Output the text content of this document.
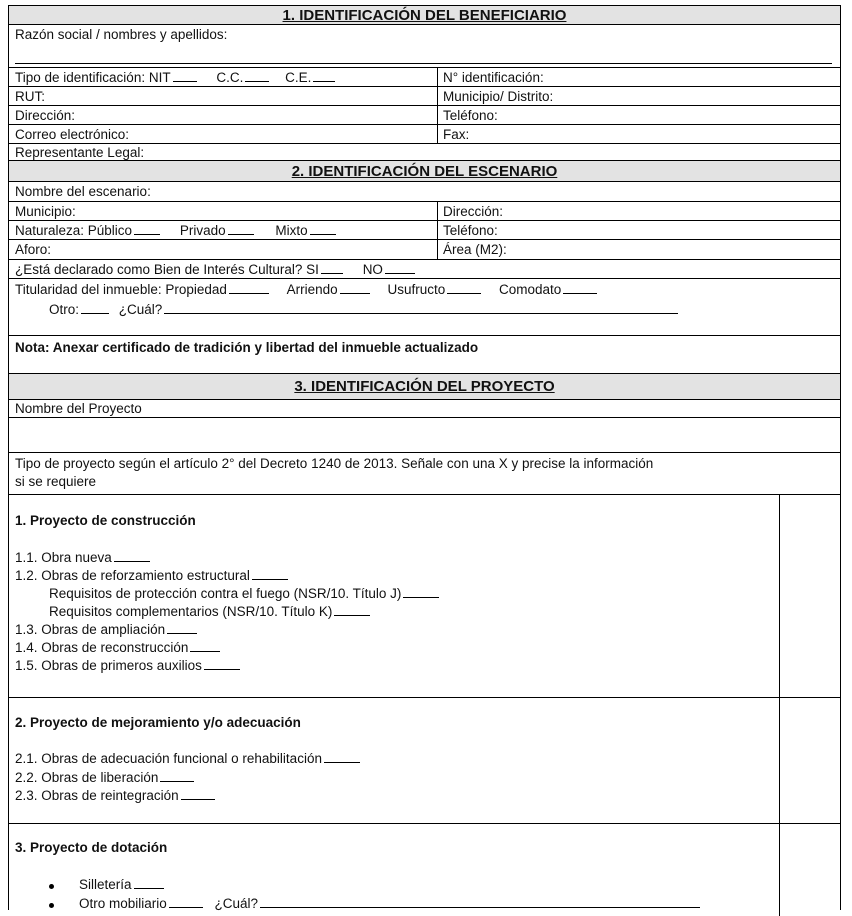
1. IDENTIFICACIÓN DEL BENEFICIARIO
Razón social / nombres y apellidos:
Tipo de identificación: NIT	C.C.	C.E.	N° identificación:
RUT:	Municipio/ Distrito:
Dirección:	Teléfono:
Correo electrónico:	Fax:
Representante Legal:
2. IDENTIFICACIÓN DEL ESCENARIO
Nombre del escenario:
Municipio:	Dirección:
Naturaleza: Público	Privado	Mixto	Teléfono:
Aforo:	Área (M2):
¿Está declarado como Bien de Interés Cultural? SI	NO
Titularidad del inmueble: Propiedad	Arriendo	Usufructo	Comodato
Otro:	¿Cuál?
Nota: Anexar certificado de tradición y libertad del inmueble actualizado
3. IDENTIFICACIÓN DEL PROYECTO
Nombre del Proyecto
Tipo de proyecto según el artículo 2° del Decreto 1240 de 2013. Señale con una X y precise la información
si se requiere
1. Proyecto de construcción
1.1. Obra nueva
1.2. Obras de reforzamiento estructural
Requisitos de protección contra el fuego (NSR/10. Título J)
Requisitos complementarios (NSR/10. Título K)
1.3. Obras de ampliación
1.4. Obras de reconstrucción
1.5. Obras de primeros auxilios
2. Proyecto de mejoramiento y/o adecuación
2.1. Obras de adecuación funcional o rehabilitación
2.2. Obras de liberación
2.3. Obras de reintegración
3. Proyecto de dotación
Silletería
Otro mobiliario	¿Cuál?
